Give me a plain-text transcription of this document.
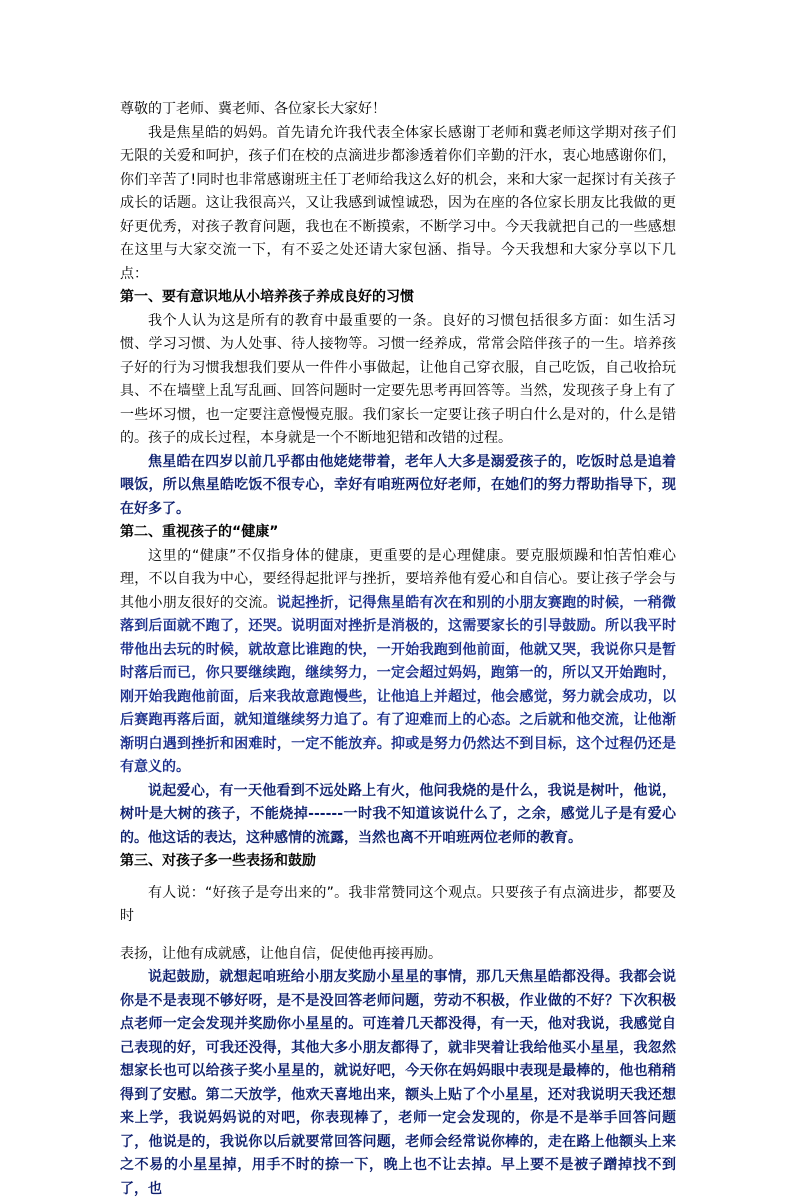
尊敬的丁老师、冀老师、各位家长大家好！

我是焦星皓的妈妈。首先请允许我代表全体家长感谢丁老师和冀老师这学期对孩子们无限的关爱和呵护，孩子们在校的点滴进步都渗透着你们辛勤的汗水，衷心地感谢你们，你们辛苦了!同时也非常感谢班主任丁老师给我这么好的机会，来和大家一起探讨有关孩子成长的话题。这让我很高兴，又让我感到诚惶诚恐，因为在座的各位家长朋友比我做的更好更优秀，对孩子教育问题，我也在不断摸索，不断学习中。今天我就把自己的一些感想在这里与大家交流一下，有不妥之处还请大家包涵、指导。今天我想和大家分享以下几点：

第一、要有意识地从小培养孩子养成良好的习惯

我个人认为这是所有的教育中最重要的一条。良好的习惯包括很多方面：如生活习惯、学习习惯、为人处事、待人接物等。习惯一经养成，常常会陪伴孩子的一生。培养孩子好的行为习惯我想我们要从一件件小事做起，让他自己穿衣服，自己吃饭，自己收拾玩具、不在墙壁上乱写乱画、回答问题时一定要先思考再回答等。当然，发现孩子身上有了一些坏习惯，也一定要注意慢慢克服。我们家长一定要让孩子明白什么是对的，什么是错的。孩子的成长过程，本身就是一个不断地犯错和改错的过程。

焦星皓在四岁以前几乎都由他姥姥带着，老年人大多是溺爱孩子的，吃饭时总是追着喂饭，所以焦星皓吃饭不很专心，幸好有咱班两位好老师，在她们的努力帮助指导下，现在好多了。

第二、重视孩子的“健康”

这里的“健康”不仅指身体的健康，更重要的是心理健康。要克服烦躁和怕苦怕难心理，不以自我为中心，要经得起批评与挫折，要培养他有爱心和自信心。要让孩子学会与其他小朋友很好的交流。说起挫折，记得焦星皓有次在和别的小朋友赛跑的时候，一稍微落到后面就不跑了，还哭。说明面对挫折是消极的，这需要家长的引导鼓励。所以我平时带他出去玩的时候，就故意比谁跑的快，一开始我跑到他前面，他就又哭，我说你只是暂时落后而已，你只要继续跑，继续努力，一定会超过妈妈，跑第一的，所以又开始跑时，刚开始我跑他前面，后来我故意跑慢些，让他追上并超过，他会感觉，努力就会成功，以后赛跑再落后面，就知道继续努力追了。有了迎难而上的心态。之后就和他交流，让他渐渐明白遇到挫折和困难时，一定不能放弃。抑或是努力仍然达不到目标，这个过程仍还是有意义的。

说起爱心，有一天他看到不远处路上有火，他问我烧的是什么，我说是树叶，他说，树叶是大树的孩子，不能烧掉------一时我不知道该说什么了，之余，感觉儿子是有爱心的。他这话的表达，这种感情的流露，当然也离不开咱班两位老师的教育。

第三、对孩子多一些表扬和鼓励

有人说：“好孩子是夸出来的”。我非常赞同这个观点。只要孩子有点滴进步，都要及时

表扬，让他有成就感，让他自信，促使他再接再励。

说起鼓励，就想起咱班给小朋友奖励小星星的事情，那几天焦星皓都没得。我都会说你是不是表现不够好呀，是不是没回答老师问题，劳动不积极，作业做的不好？下次积极点老师一定会发现并奖励你小星星的。可连着几天都没得，有一天，他对我说，我感觉自己表现的好，可我还没得，其他大多小朋友都得了，就非哭着让我给他买小星星，我忽然想家长也可以给孩子奖小星星的，就说好吧，今天你在妈妈眼中表现是最棒的，他也稍稍得到了安慰。第二天放学，他欢天喜地出来，额头上贴了个小星星，还对我说明天我还想来上学，我说妈妈说的对吧，你表现棒了，老师一定会发现的，你是不是举手回答问题了，他说是的，我说你以后就要常回答问题，老师会经常说你棒的，走在路上他额头上来之不易的小星星掉，用手不时的捺一下，晚上也不让去掉。早上要不是被子蹭掉找不到了，也
